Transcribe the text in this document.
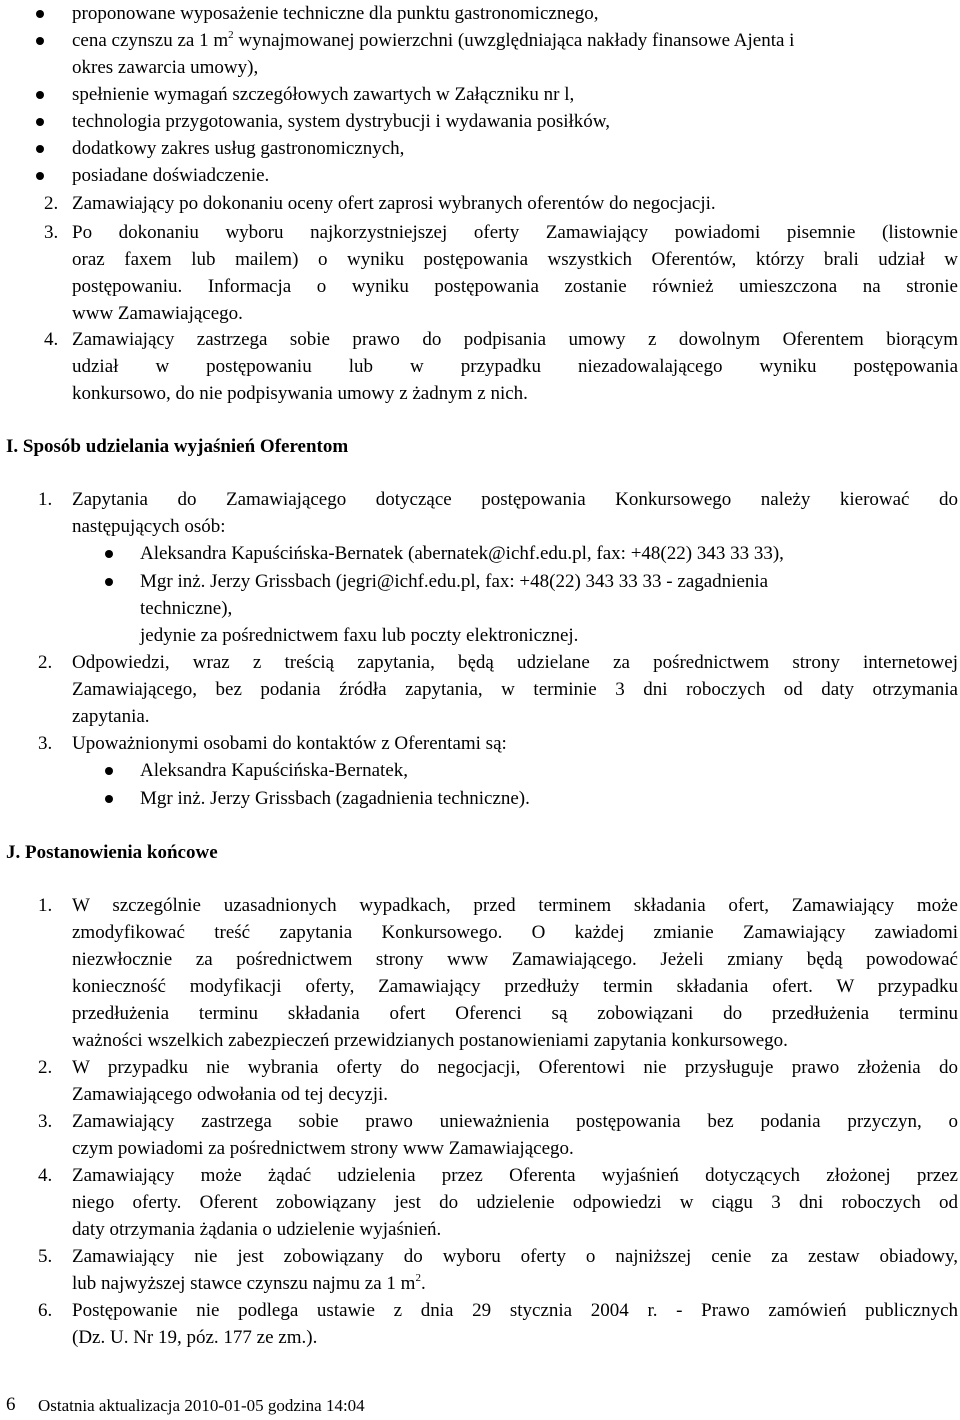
proponowane wyposażenie techniczne dla punktu gastronomicznego,
cena czynszu za 1 $m^2$ wynajmowanej powierzchni (uwzględniająca nakłady finansowe Ajenta i
okres zawarcia umowy),
spełnienie wymagań szczegółowych zawartych w Załączniku nr l,
technologia przygotowania, system dystrybucji i wydawania posiłków,
dodatkowy zakres usług gastronomicznych,
posiadane doświadczenie.
2. Zamawiający po dokonaniu oceny ofert zaprosi wybranych oferentów do negocjacji.
3. Po dokonaniu wyboru najkorzystniejszej oferty Zamawiający powiadomi pisemnie (listownie
oraz faxem lub mailem) o wyniku postępowania wszystkich Oferentów, którzy brali udział w
postępowaniu. Informacja o wyniku postępowania zostanie również umieszczona na stronie
www Zamawiającego.
4. Zamawiający zastrzega sobie prawo do podpisania umowy z dowolnym Oferentem biorącym
udział w postępowaniu lub w przypadku niezadowalającego wyniku postępowania
konkursowo, do nie podpisywania umowy z żadnym z nich.
I. Sposób udzielania wyjaśnień Oferentom
1. Zapytania do Zamawiającego dotyczące postępowania Konkursowego należy kierować do
następujących osób:
Aleksandra Kapuścińska-Bernatek (abernatek@ichf.edu.pl, fax: +48(22) 343 33 33),
Mgr inż. Jerzy Grissbach (jegri@ichf.edu.pl, fax: +48(22) 343 33 33 - zagadnienia
techniczne),
jedynie za pośrednictwem faxu lub poczty elektronicznej.
2. Odpowiedzi, wraz z treścią zapytania, będą udzielane za pośrednictwem strony internetowej
Zamawiającego, bez podania źródła zapytania, w terminie 3 dni roboczych od daty otrzymania
zapytania.
3. Upoważnionymi osobami do kontaktów z Oferentami są:
Aleksandra Kapuścińska-Bernatek,
Mgr inż. Jerzy Grissbach (zagadnienia techniczne).
J. Postanowienia końcowe
1. W szczególnie uzasadnionych wypadkach, przed terminem składania ofert, Zamawiający może
zmodyfikować treść zapytania Konkursowego. O każdej zmianie Zamawiający zawiadomi
niezwłocznie za pośrednictwem strony www Zamawiającego. Jeżeli zmiany będą powodować
konieczność modyfikacji oferty, Zamawiający przedłuży termin składania ofert. W przypadku
przedłużenia terminu składania ofert Oferenci są zobowiązani do przedłużenia terminu
ważności wszelkich zabezpieczeń przewidzianych postanowieniami zapytania konkursowego.
2. W przypadku nie wybrania oferty do negocjacji, Oferentowi nie przysługuje prawo złożenia do
Zamawiającego odwołania od tej decyzji.
3. Zamawiający zastrzega sobie prawo unieważnienia postępowania bez podania przyczyn, o
czym powiadomi za pośrednictwem strony www Zamawiającego.
4. Zamawiający może żądać udzielenia przez Oferenta wyjaśnień dotyczących złożonej przez
niego oferty. Oferent zobowiązany jest do udzielenie odpowiedzi w ciągu 3 dni roboczych od
daty otrzymania żądania o udzielenie wyjaśnień.
5. Zamawiający nie jest zobowiązany do wyboru oferty o najniższej cenie za zestaw obiadowy,
lub najwyższej stawce czynszu najmu za 1 $m^2$.
6. Postępowanie nie podlega ustawie z dnia 29 stycznia 2004 r. - Prawo zamówień publicznych
(Dz. U. Nr 19, póz. 177 ze zm.).
6 Ostatnia aktualizacja 2010-01-05 godzina 14:04
